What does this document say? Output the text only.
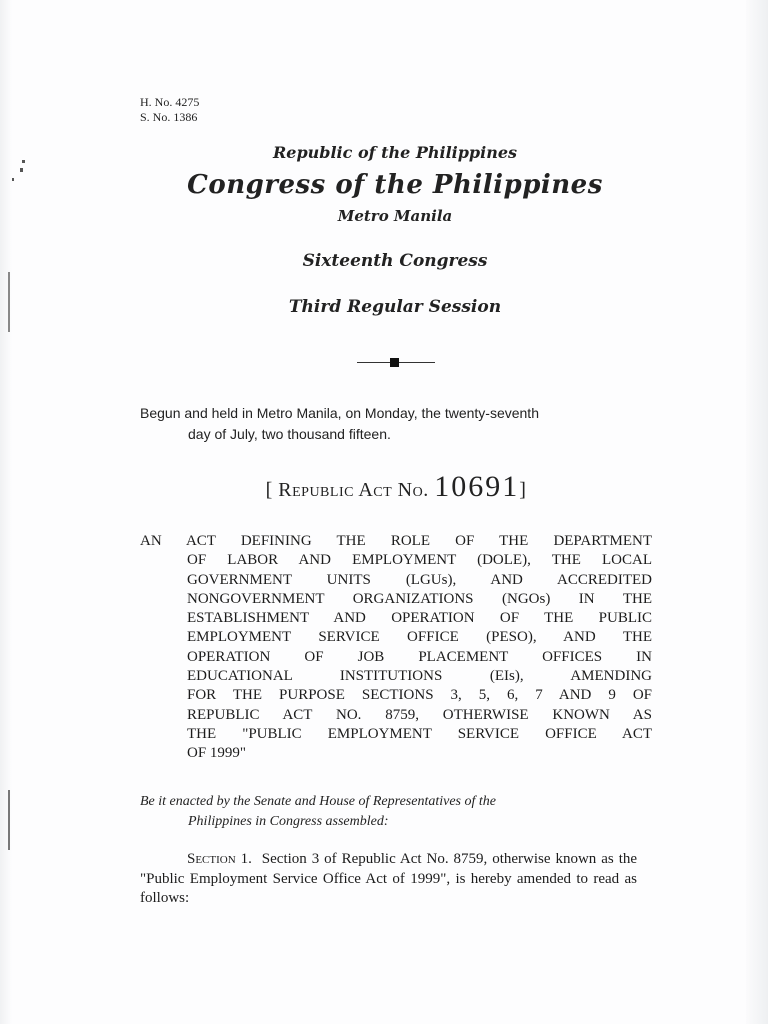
H. No. 4275
S. No. 1386
Republic of the Philippines
Congress of the Philippines
Metro Manila
Sixteenth Congress
Third Regular Session
Begun and held in Metro Manila, on Monday, the twenty-seventh
day of July, two thousand fifteen.
[ Republic Act No. 10691]
AN ACT DEFINING THE ROLE OF THE DEPARTMENT
OF LABOR AND EMPLOYMENT (DOLE), THE LOCAL
GOVERNMENT UNITS (LGUs), AND ACCREDITED
NONGOVERNMENT ORGANIZATIONS (NGOs) IN THE
ESTABLISHMENT AND OPERATION OF THE PUBLIC
EMPLOYMENT SERVICE OFFICE (PESO), AND THE
OPERATION OF JOB PLACEMENT OFFICES IN
EDUCATIONAL INSTITUTIONS (EIs), AMENDING
FOR THE PURPOSE SECTIONS 3, 5, 6, 7 AND 9 OF
REPUBLIC ACT NO. 8759, OTHERWISE KNOWN AS
THE "PUBLIC EMPLOYMENT SERVICE OFFICE ACT
OF 1999"
Be it enacted by the Senate and House of Representatives of the
Philippines in Congress assembled:
Section 1. Section 3 of Republic Act No. 8759, otherwise known as the "Public Employment Service Office Act of 1999", is hereby amended to read as follows:
